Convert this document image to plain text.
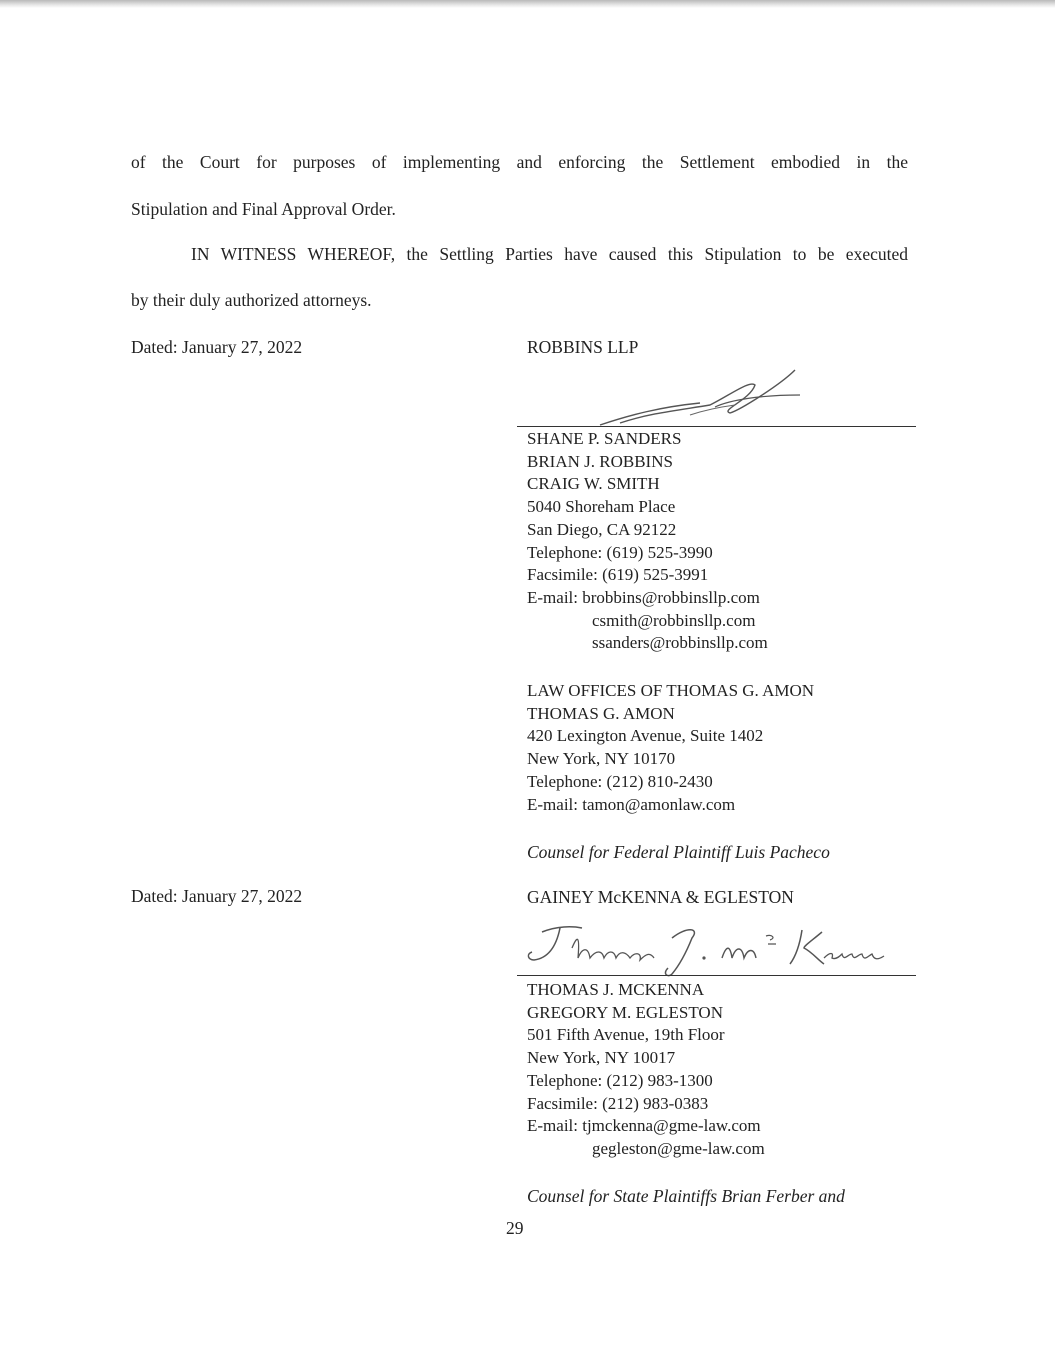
of the Court for purposes of implementing and enforcing the Settlement embodied in the

Stipulation and Final Approval Order.

IN WITNESS WHEREOF, the Settling Parties have caused this Stipulation to be executed

by their duly authorized attorneys.

Dated: January 27, 2022	ROBBINS LLP

SHANE P. SANDERS
BRIAN J. ROBBINS
CRAIG W. SMITH
5040 Shoreham Place
San Diego, CA 92122
Telephone: (619) 525-3990
Facsimile: (619) 525-3991
E-mail: brobbins@robbinsllp.com
csmith@robbinsllp.com
ssanders@robbinsllp.com
LAW OFFICES OF THOMAS G. AMON
THOMAS G. AMON
420 Lexington Avenue, Suite 1402
New York, NY 10170
Telephone: (212) 810-2430
E-mail: tamon@amonlaw.com

Counsel for Federal Plaintiff Luis Pacheco

Dated: January 27, 2022	GAINEY McKENNA & EGLESTON

THOMAS J. MCKENNA
GREGORY M. EGLESTON
501 Fifth Avenue, 19th Floor
New York, NY 10017
Telephone: (212) 983-1300
Facsimile: (212) 983-0383
E-mail: tjmckenna@gme-law.com
gegleston@gme-law.com

Counsel for State Plaintiffs Brian Ferber and

29
